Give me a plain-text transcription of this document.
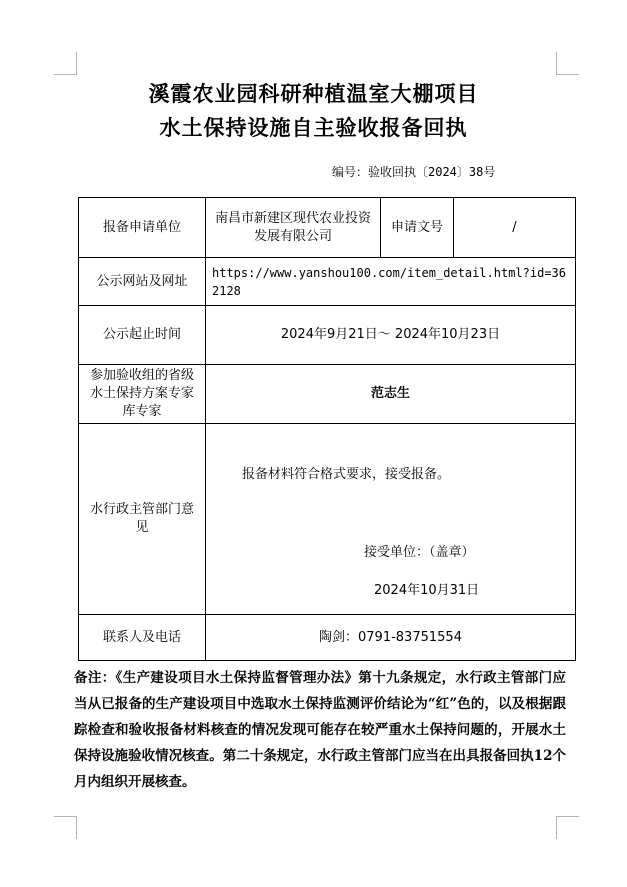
溪霞农业园科研种植温室大棚项目
水土保持设施自主验收报备回执
编号：验收回执〔2024〕38号
报备申请单位	南昌市新建区现代农业投资发展有限公司	申请文号	/
公示网站及网址	https://www.yanshou100.com/item_detail.html?id=362128		
公示起止时间	2024年9月21日～ 2024年10月23日		
参加验收组的省级水土保持方案专家库专家	范志生		
水行政主管部门意见	报备材料符合格式要求，接受报备。
接受单位：（盖章）
2024年10月31日		

联系人及电话	陶剑：0791-83751554		
备注：《生产建设项目水土保持监督管理办法》第十九条规定，水行政主管部门应当从已报备的生产建设项目中选取水土保持监测评价结论为“红”色的，以及根据跟踪检查和验收报备材料核查的情况发现可能存在较严重水土保持问题的，开展水土保持设施验收情况核查。第二十条规定，水行政主管部门应当在出具报备回执12个月内组织开展核查。
